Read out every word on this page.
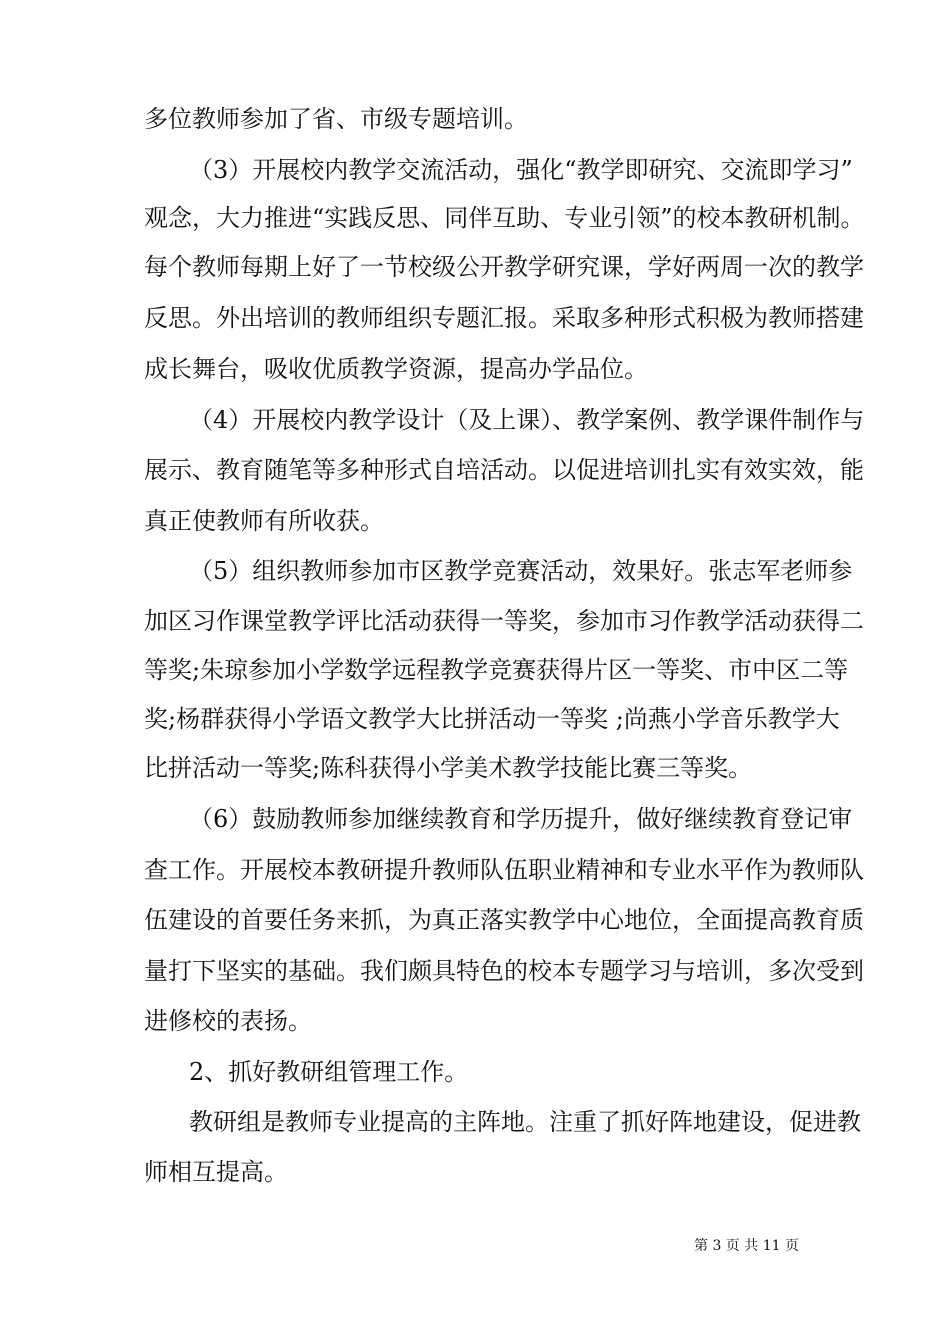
多位教师参加了省、市级专题培训。
（3）开展校内教学交流活动，强化“教学即研究、交流即学习”
观念，大力推进“实践反思、同伴互助、专业引领”的校本教研机制。
每个教师每期上好了一节校级公开教学研究课，学好两周一次的教学
反思。外出培训的教师组织专题汇报。采取多种形式积极为教师搭建
成长舞台，吸收优质教学资源，提高办学品位。
（4）开展校内教学设计（及上课）、教学案例、教学课件制作与
展示、教育随笔等多种形式自培活动。以促进培训扎实有效实效，能
真正使教师有所收获。
（5）组织教师参加市区教学竞赛活动，效果好。张志军老师参
加区习作课堂教学评比活动获得一等奖，参加市习作教学活动获得二
等奖;朱琼参加小学数学远程教学竞赛获得片区一等奖、市中区二等
奖;杨群获得小学语文教学大比拼活动一等奖 ;尚燕小学音乐教学大
比拼活动一等奖;陈科获得小学美术教学技能比赛三等奖。
（6）鼓励教师参加继续教育和学历提升，做好继续教育登记审
查工作。开展校本教研提升教师队伍职业精神和专业水平作为教师队
伍建设的首要任务来抓，为真正落实教学中心地位，全面提高教育质
量打下坚实的基础。我们颇具特色的校本专题学习与培训，多次受到
进修校的表扬。
2、抓好教研组管理工作。
教研组是教师专业提高的主阵地。注重了抓好阵地建设，促进教
师相互提高。
第 3 页 共 11 页
